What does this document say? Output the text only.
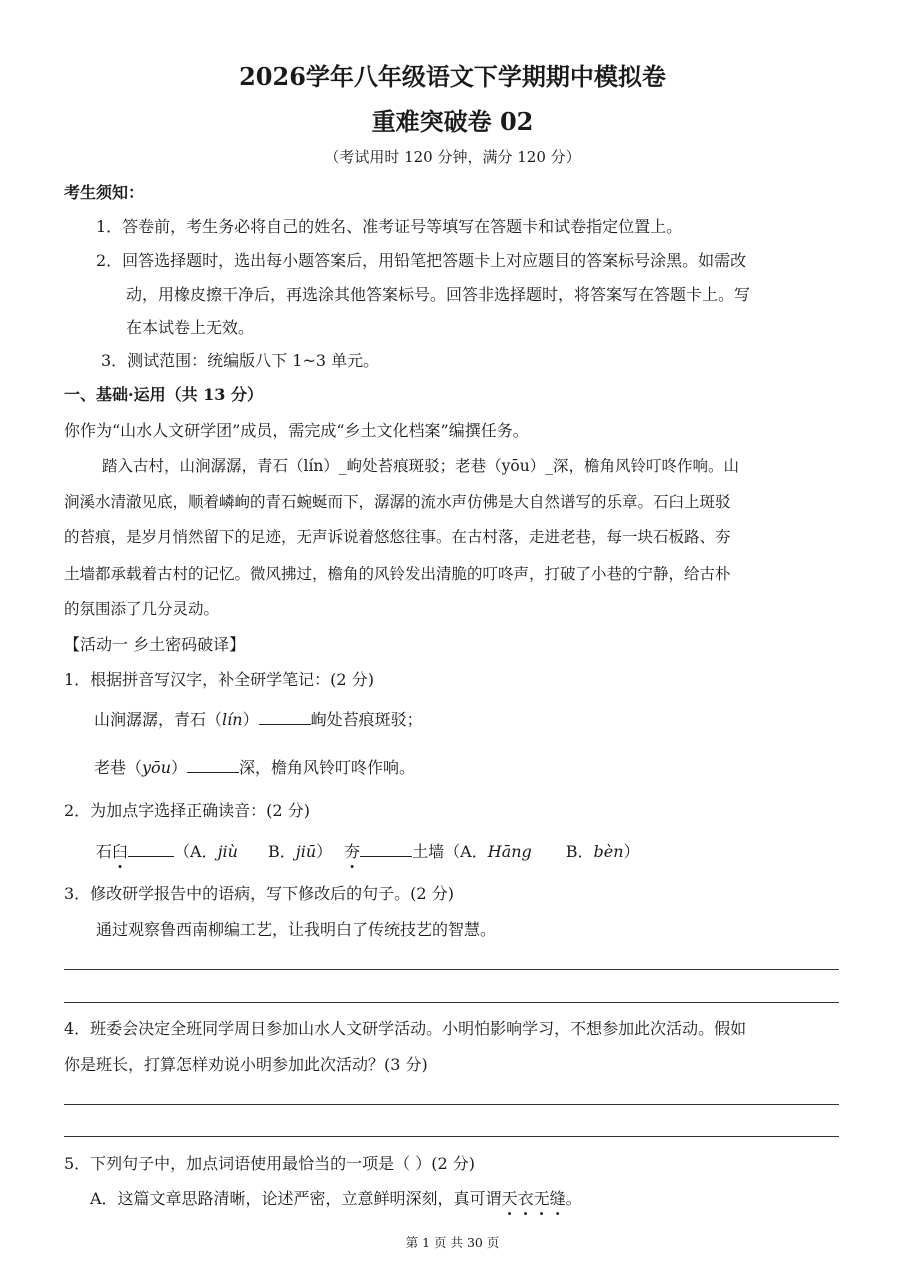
2026学年八年级语文下学期期中模拟卷
重难突破卷 02
（考试用时 120 分钟，满分 120 分）
考生须知：
1．答卷前，考生务必将自己的姓名、准考证号等填写在答题卡和试卷指定位置上。
2．回答选择题时，选出每小题答案后，用铅笔把答题卡上对应题目的答案标号涂黑。如需改
动，用橡皮擦干净后，再选涂其他答案标号。回答非选择题时，将答案写在答题卡上。写
在本试卷上无效。
3．测试范围：统编版八下 1~3 单元。
一、基础·运用（共 13 分）
你作为“山水人文研学团”成员，需完成“乡土文化档案”编撰任务。
踏入古村，山涧潺潺，青石（lín）_岣处苔痕斑驳；老巷（yōu）_深，檐角风铃叮咚作响。山
涧溪水清澈见底，顺着嶙峋的青石蜿蜒而下，潺潺的流水声仿佛是大自然谱写的乐章。石臼上斑驳
的苔痕，是岁月悄然留下的足迹，无声诉说着悠悠往事。在古村落，走进老巷，每一块石板路、夯
土墙都承载着古村的记忆。微风拂过，檐角的风铃发出清脆的叮咚声，打破了小巷的宁静，给古朴
的氛围添了几分灵动。
【活动一 乡土密码破译】
1．根据拼音写汉字，补全研学笔记：(2 分)
山涧潺潺，青石（lín）	峋处苔痕斑驳；
老巷（yōu）	深，檐角风铃叮咚作响。
2．为加点字选择正确读音：(2 分)
石臼	（A．jiù B．jiū） 夯	土墙（A．Hāng B．bèn）
3．修改研学报告中的语病，写下修改后的句子。(2 分)
通过观察鲁西南柳编工艺，让我明白了传统技艺的智慧。
4．班委会决定全班同学周日参加山水人文研学活动。小明怕影响学习，不想参加此次活动。假如
你是班长，打算怎样劝说小明参加此次活动？(3 分)
5．下列句子中，加点词语使用最恰当的一项是（ ）(2 分)
A．这篇文章思路清晰，论述严密，立意鲜明深刻，真可谓天衣无缝。
第 1 页 共 30 页
